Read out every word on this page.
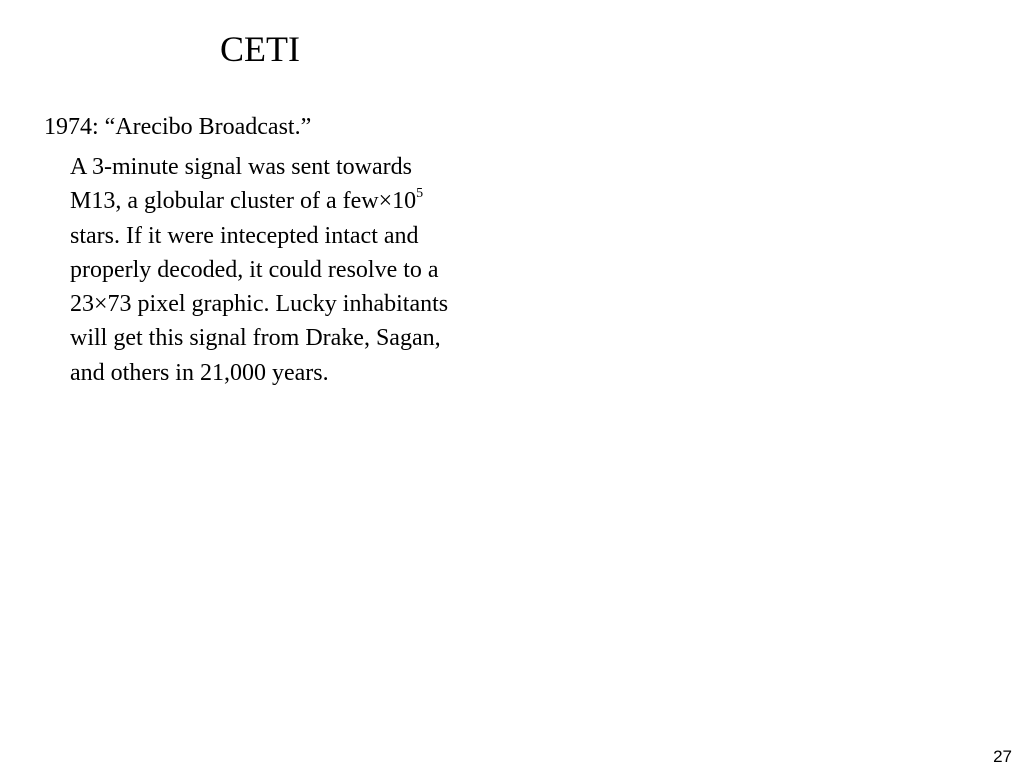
CETI

1974: “Arecibo Broadcast.”

A 3-minute signal was sent towards
M13, a globular cluster of a $few\times 10^5$
stars. If it were intecepted intact and
properly decoded, it could resolve to a
23×73 pixel graphic. Lucky inhabitants
will get this signal from Drake, Sagan,
and others in 21,000 years.

27
